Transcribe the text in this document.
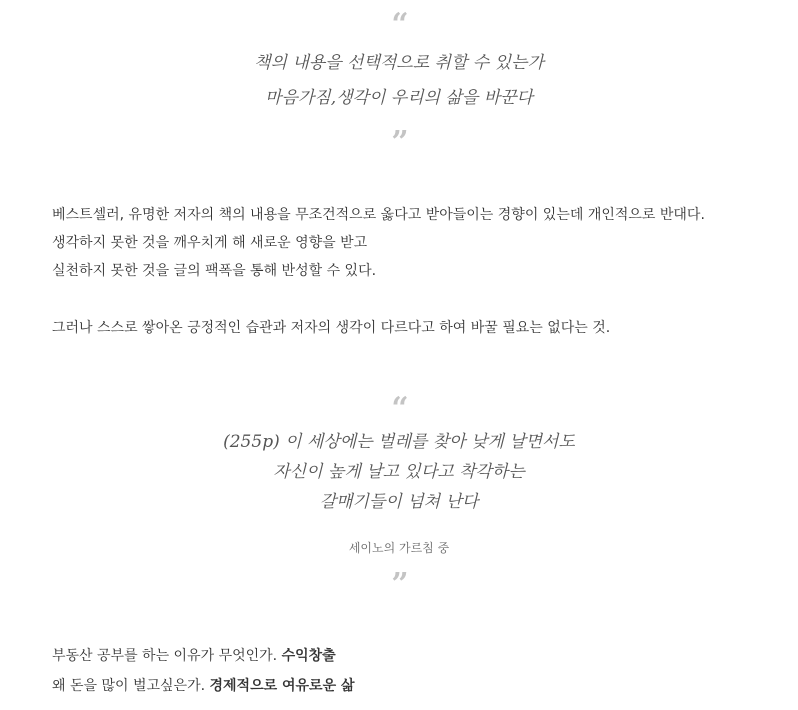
“
책의 내용을 선택적으로 취할 수 있는가
마음가짐,생각이 우리의 삶을 바꾼다
”
베스트셀러, 유명한 저자의 책의 내용을 무조건적으로 옳다고 받아들이는 경향이 있는데 개인적으로 반대다.
생각하지 못한 것을 깨우치게 해 새로운 영향을 받고
실천하지 못한 것을 글의 팩폭을 통해 반성할 수 있다.
그러나 스스로 쌓아온 긍정적인 습관과 저자의 생각이 다르다고 하여 바꿀 필요는 없다는 것.
“
(255p) 이 세상에는 벌레를 찾아 낮게 날면서도
자신이 높게 날고 있다고 착각하는
갈매기들이 넘쳐 난다
세이노의 가르침 중
”
부동산 공부를 하는 이유가 무엇인가. 수익창출
왜 돈을 많이 벌고싶은가. 경제적으로 여유로운 삶
